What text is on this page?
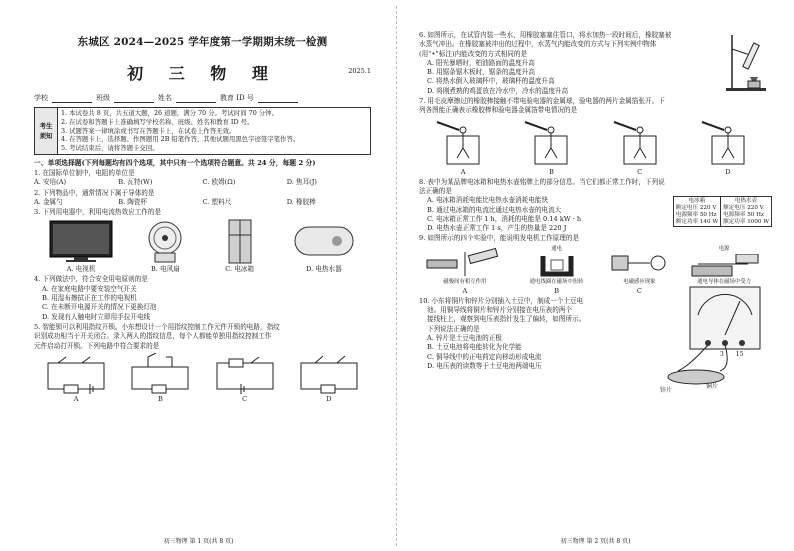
东城区 2024—2025 学年度第一学期期末统一检测
初 三 物 理	2025.1
学校	班级	姓名	教育 ID 号
考生须知	
1. 本试卷共 8 页，共五道大题，26 道题，满分 70 分。考试时间 70 分钟。
2. 在试卷和答题卡上准确填写学校名称、班级、姓名和教育 ID 号。
3. 试题答案一律填涂或书写在答题卡上，在试卷上作答无效。
4. 在答题卡上，选择题、作图题用 2B 铅笔作答，其他试题用黑色字迹签字笔作答。
5. 考试结束后，请将答题卡交回。
一、单项选择题(下列每题均有四个选项，其中只有一个选项符合题意。共 24 分，每题 2 分)
1. 在国际单位制中，电阻的单位是
A. 安培(A)	B. 瓦特(W)	C. 欧姆(Ω)	D. 焦耳(J)
2. 下列物品中，通常情况下属于导体的是
A. 金属勺	B. 陶瓷杯	C. 塑料尺	D. 橡胶棒
3. 下列用电器中，利用电流热效应工作的是
A. 电视机	B. 电风扇	C. 电冰箱	D. 电热水器
4. 下列做法中，符合安全用电原则的是
A. 在家庭电路中要安装空气开关
B. 用湿布擦拭正在工作的电视机
C. 在未断开电源开关的情况下更换灯泡
D. 发现有人触电时立即用手拉开电线
5. 智能锁可以利用指纹开锁。小东想设计一个用指纹控制工作元件开锁的电路，指纹
识别成功相当于开关闭合。录入两人的指纹信息，每个人都能单独用指纹控制工作
元件启动打开锁。下列电路中符合要求的是
A	B	C	D
初三物理 第 1 页(共 8 页)
6. 如图所示，在试管内装一些水，用橡胶塞塞住管口，将水加热一段时间后，橡胶塞被
水蒸气冲出。在橡胶塞被冲出的过程中，水蒸气内能改变的方式与下列实例中物体
(用“•”标注)内能改变的方式相同的是
A. 阳光暴晒时，柏油路面的温度升高
B. 用锯条锯木板时，锯条的温度升高
C. 将热水倒入玻璃杯中，玻璃杯的温度升高
D. 将刚煮熟的鸡蛋放在冷水中，冷水的温度升高
7. 用毛皮摩擦过的橡胶棒接触不带电验电器的金属球，验电器的两片金属箔张开。下
列各图能正确表示橡胶棒和验电器金属箔带电情况的是
A	B	C	D
8. 表中为某品牌电冰箱和电热水壶铭牌上的部分信息。当它们都正常工作时，下列说
法正确的是
A. 电冰箱消耗电能比电热水壶消耗电能快
B. 通过电冰箱的电流比通过电热水壶的电流大
C. 电冰箱正常工作 1 h，消耗的电能是 0.14 kW · h
D. 电热水壶正常工作 1 s，产生的热量是 220 J
电冰箱
额定电压 220 V
电源频率 50 Hz
额定功率 140 W

电热水壶
额定电压 220 V
电源频率 50 Hz
额定功率 1000 W
9. 如图所示的四个实验中，能说明发电机工作原理的是
磁极间有相互作用
A
通电
通电线圈在磁场中扭转
B
电磁感应现象
C
电源
通电导体在磁场中受力
10. 小东将铜片和锌片分别插入土豆中，制成一个土豆电
池。用铜导线将铜片和锌片分别接在电压表的两个
接线柱上，观察到电压表指针发生了偏转，如图所示。
下列说法正确的是
A. 锌片是土豆电池的正极
B. 土豆电池将电能转化为化学能
C. 铜导线中的正电荷定向移动形成电流
D. 电压表的读数等于土豆电池两端电压
3 15
锌片
铜片
初三物理 第 2 页(共 8 页)
